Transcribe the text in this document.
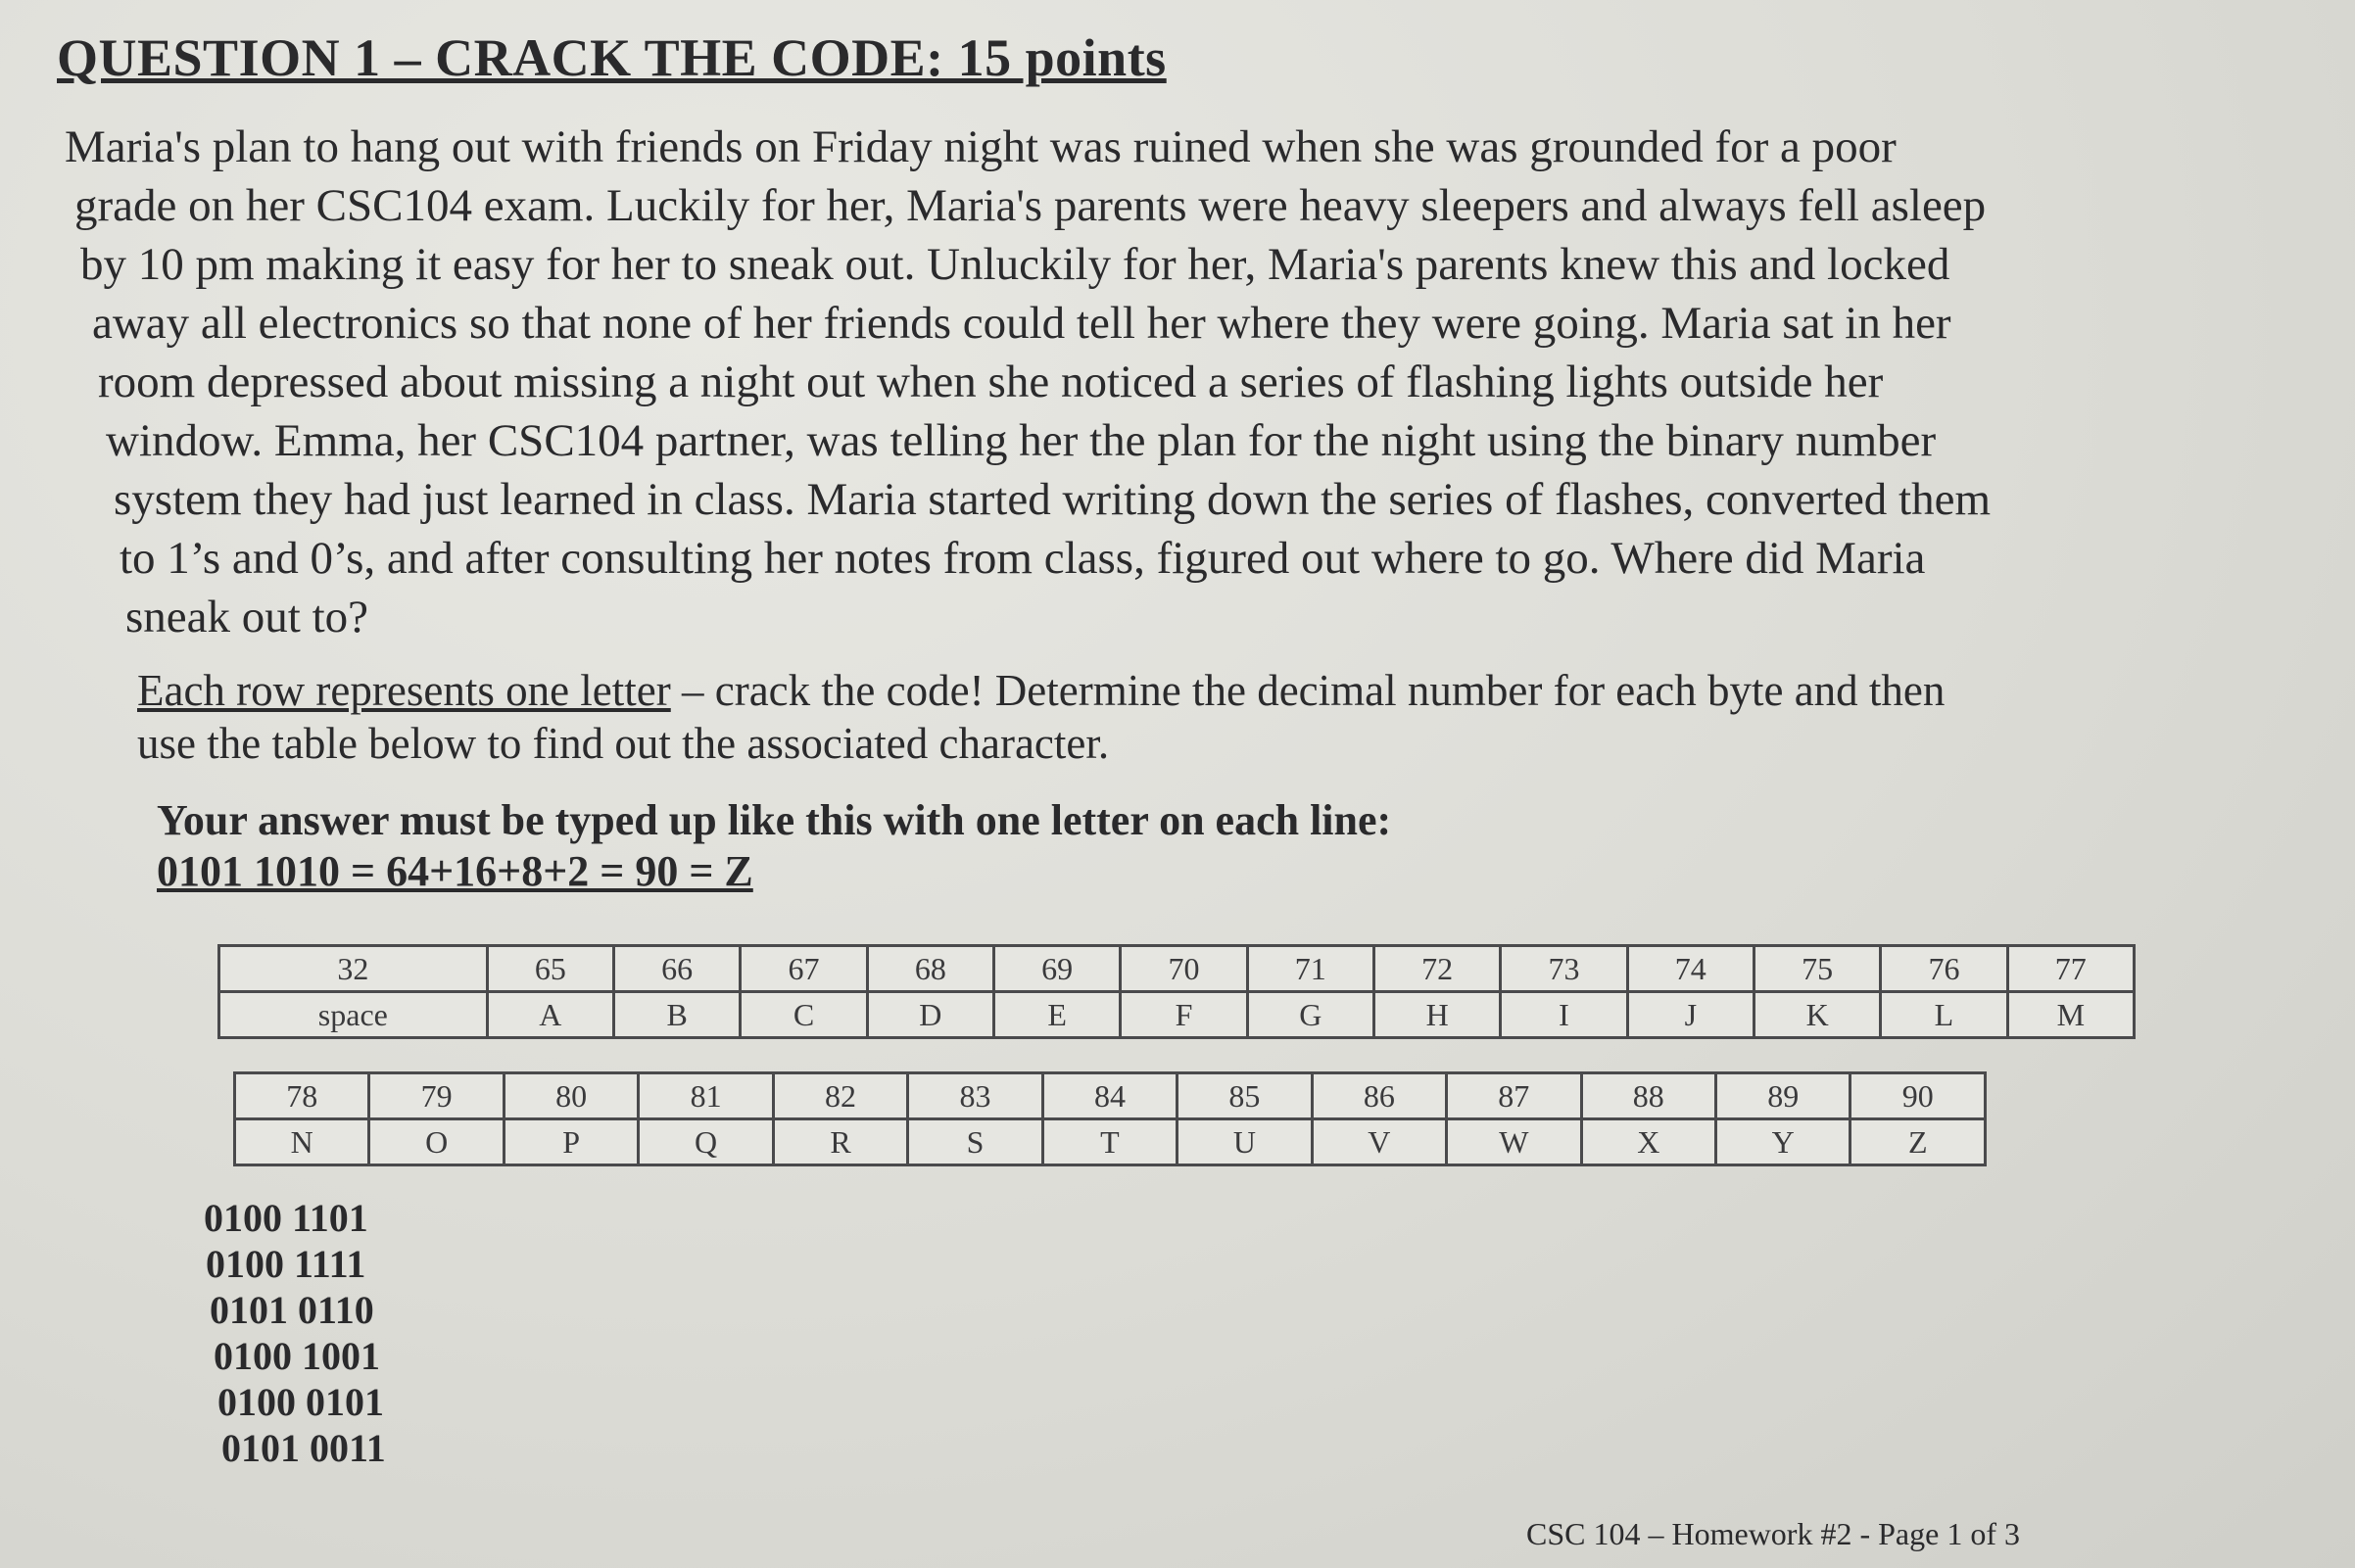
QUESTION 1 – CRACK THE CODE: 15 points
Maria's plan to hang out with friends on Friday night was ruined when she was grounded for a poor
grade on her CSC104 exam. Luckily for her, Maria's parents were heavy sleepers and always fell asleep
by 10 pm making it easy for her to sneak out. Unluckily for her, Maria's parents knew this and locked
away all electronics so that none of her friends could tell her where they were going. Maria sat in her
room depressed about missing a night out when she noticed a series of flashing lights outside her
window. Emma, her CSC104 partner, was telling her the plan for the night using the binary number
system they had just learned in class. Maria started writing down the series of flashes, converted them
to 1’s and 0’s, and after consulting her notes from class, figured out where to go. Where did Maria
sneak out to?
Each row represents one letter – crack the code! Determine the decimal number for each byte and then
use the table below to find out the associated character.
Your answer must be typed up like this with one letter on each line:
0101 1010 = 64+16+8+2 = 90 = Z
32	65	66	67	68	69	70	71	72	73	74	75	76	77
space	A	B	C	D	E	F	G	H	I	J	K	L	M
78	79	80	81	82	83	84	85	86	87	88	89	90
N	O	P	Q	R	S	T	U	V	W	X	Y	Z
0100 1101
0100 1111
0101 0110
0100 1001
0100 0101
0101 0011
CSC 104 – Homework #2 - Page 1 of 3
